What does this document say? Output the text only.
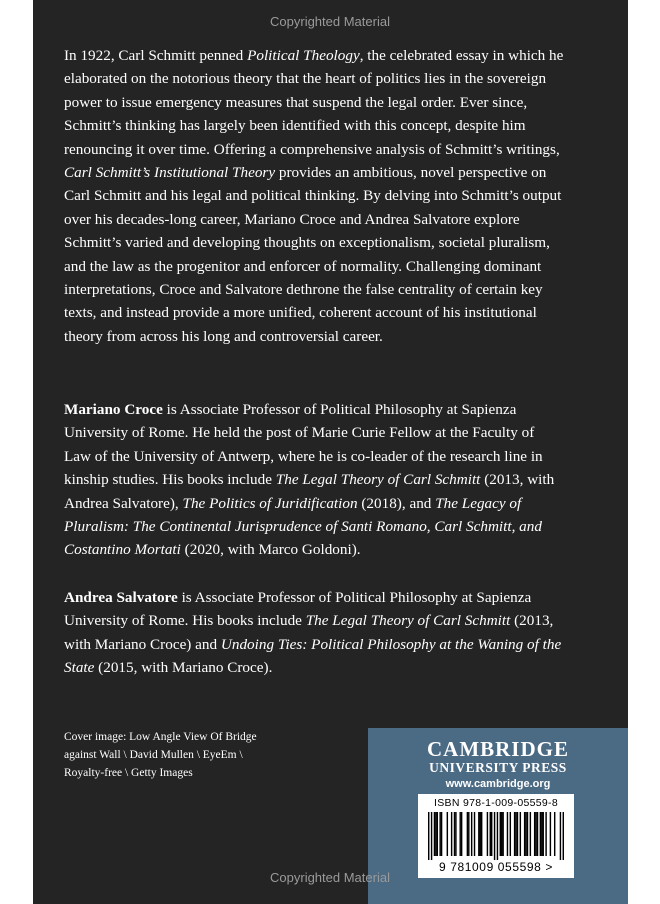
Copyrighted Material

In 1922, Carl Schmitt penned Political Theology, the celebrated essay in which he elaborated on the notorious theory that the heart of politics lies in the sovereign power to issue emergency measures that suspend the legal order. Ever since, Schmitt’s thinking has largely been identified with this concept, despite him renouncing it over time. Offering a comprehensive analysis of Schmitt’s writings, Carl Schmitt’s Institutional Theory provides an ambitious, novel perspective on Carl Schmitt and his legal and political thinking. By delving into Schmitt’s output over his decades-long career, Mariano Croce and Andrea Salvatore explore Schmitt’s varied and developing thoughts on exceptionalism, societal pluralism, and the law as the progenitor and enforcer of normality. Challenging dominant interpretations, Croce and Salvatore dethrone the false centrality of certain key texts, and instead provide a more unified, coherent account of his institutional theory from across his long and controversial career.

Mariano Croce is Associate Professor of Political Philosophy at Sapienza University of Rome. He held the post of Marie Curie Fellow at the Faculty of Law of the University of Antwerp, where he is co-leader of the research line in kinship studies. His books include The Legal Theory of Carl Schmitt (2013, with Andrea Salvatore), The Politics of Juridification (2018), and The Legacy of Pluralism: The Continental Jurisprudence of Santi Romano, Carl Schmitt, and Costantino Mortati (2020, with Marco Goldoni).

Andrea Salvatore is Associate Professor of Political Philosophy at Sapienza University of Rome. His books include The Legal Theory of Carl Schmitt (2013, with Mariano Croce) and Undoing Ties: Political Philosophy at the Waning of the State (2015, with Mariano Croce).

Cover image: Low Angle View Of Bridge
against Wall \ David Mullen \ EyeEm \
Royalty-free \ Getty Images
CAMBRIDGE
UNIVERSITY PRESS
www.cambridge.org
ISBN 978-1-009-05559-8
9 781009 055598 >
Copyrighted Material
